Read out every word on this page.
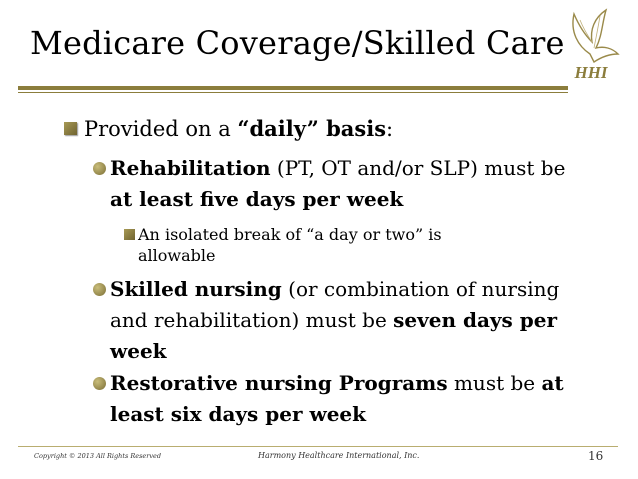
Medicare Coverage/Skilled Care
HHI
Provided on a “daily” basis:
Rehabilitation (PT, OT and/or SLP) must be at least five days per week
An isolated break of “a day or two” is allowable
Skilled nursing (or combination of nursing and rehabilitation) must be seven days per week
Restorative nursing Programs must be at least six days per week
Copyright © 2013 All Rights Reserved	Harmony Healthcare International, Inc.	16
